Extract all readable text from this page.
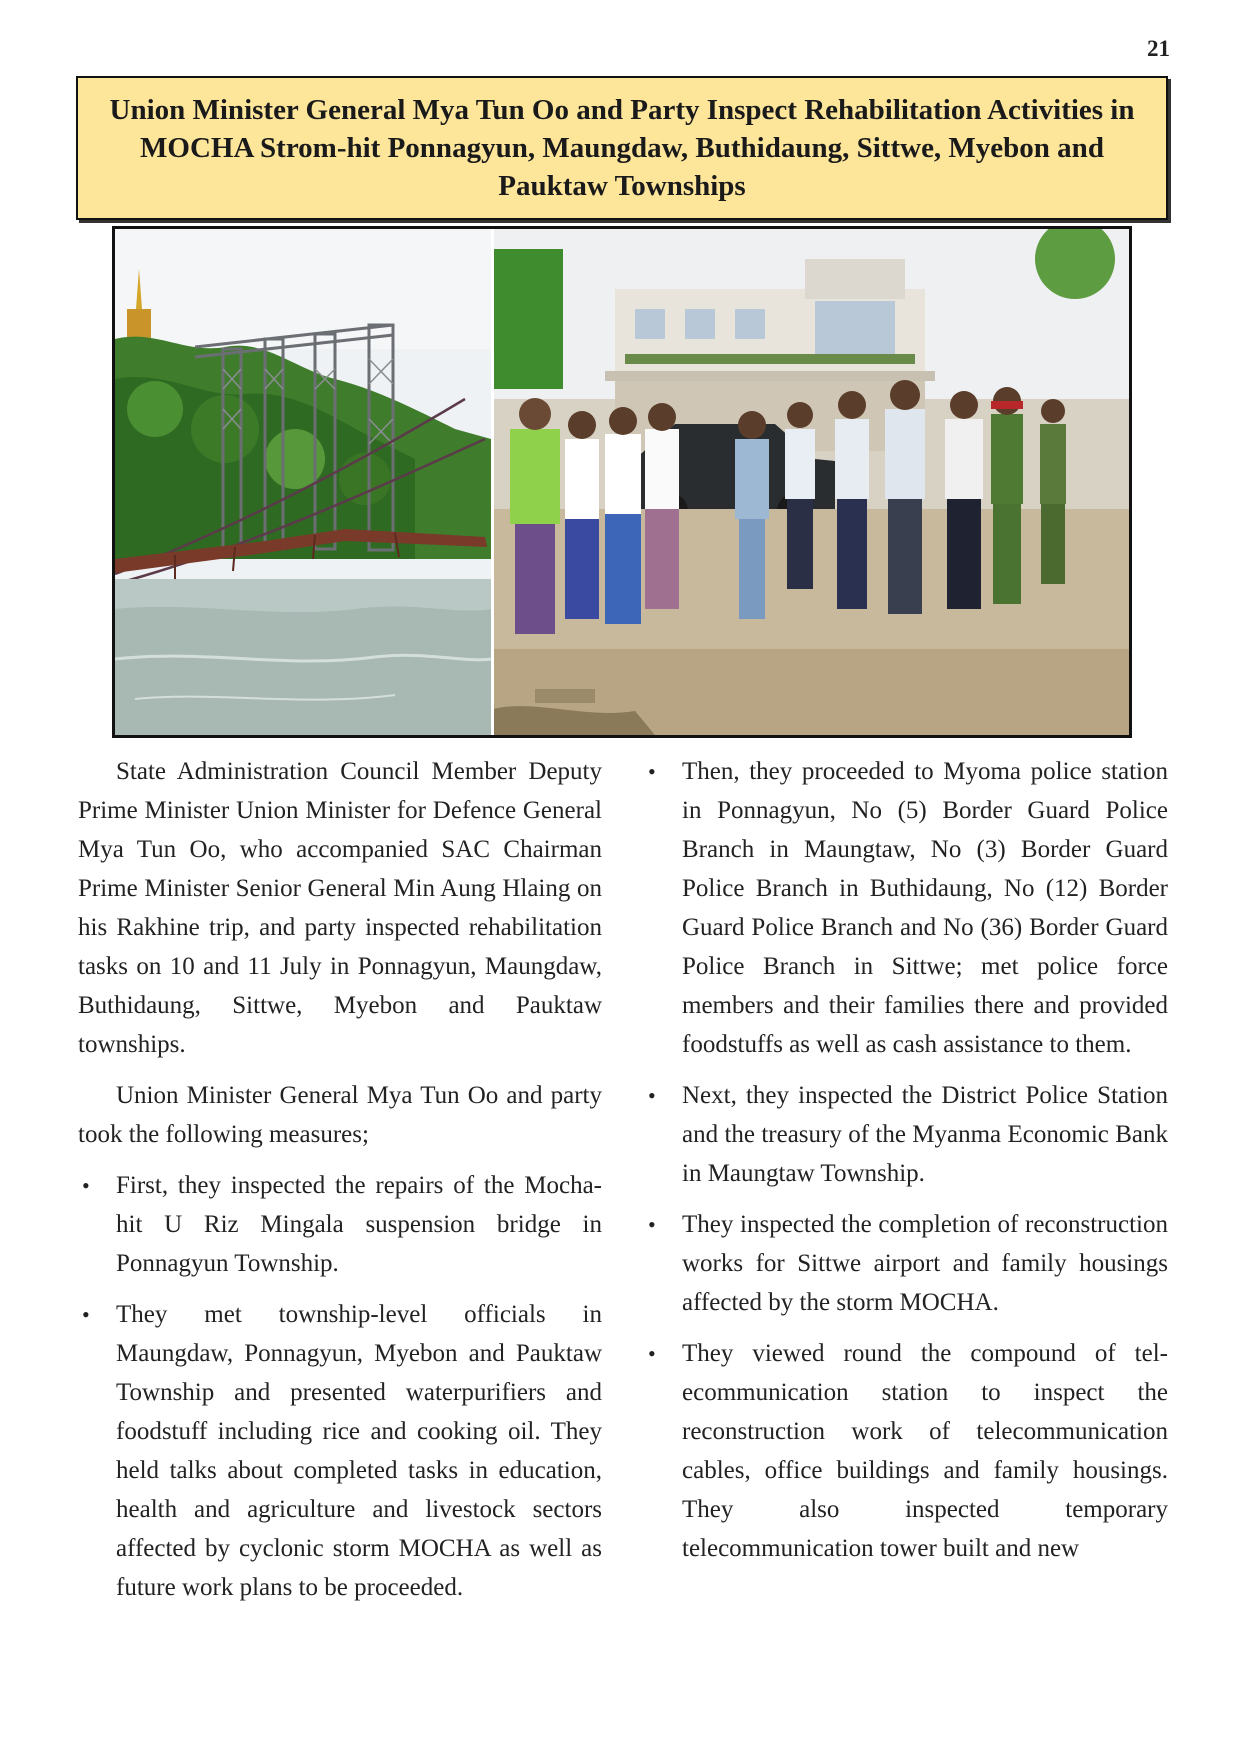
21
Union Minister General Mya Tun Oo and Party Inspect Rehabilitation Activities in MOCHA Strom-hit Ponnagyun, Maungdaw, Buthidaung, Sittwe, Myebon and Pauktaw Townships

State Administration Council Member Deputy Prime Minister Union Minister for Defence General Mya Tun Oo, who accompanied SAC Chairman Prime Minister Senior General Min Aung Hlaing on his Rakhine trip, and party inspected rehabilitation tasks on 10 and 11 July in Ponnagyun, Maungdaw, Buthidaung, Sittwe, Myebon and Pauktaw townships.

Union Minister General Mya Tun Oo and party took the following measures;

• First, they inspected the repairs of the Mocha-hit U Riz Mingala suspension bridge in Ponnagyun Township.
• They met township-level officials in Maungdaw, Ponnagyun, Myebon and Pauktaw Township and presented waterpurifiers and foodstuff including rice and cooking oil. They held talks about completed tasks in education, health and agriculture and livestock sectors affected by cyclonic storm MOCHA as well as future work plans to be proceeded.
• Then, they proceeded to Myoma police station in Ponnagyun, No (5) Border Guard Police Branch in Maungtaw, No (3) Border Guard Police Branch in Buthidaung, No (12) Border Guard Police Branch and No (36) Border Guard Police Branch in Sittwe; met police force members and their families there and provided foodstuffs as well as cash assistance to them.
• Next, they inspected the District Police Station and the treasury of the Myanma Economic Bank in Maungtaw Township.
• They inspected the completion of reconstruction works for Sittwe airport and family housings affected by the storm MOCHA.
• They viewed round the compound of telecommunication station to inspect the reconstruction work of telecommunication cables, office buildings and family housings. They also inspected temporary telecommunication tower built and new
